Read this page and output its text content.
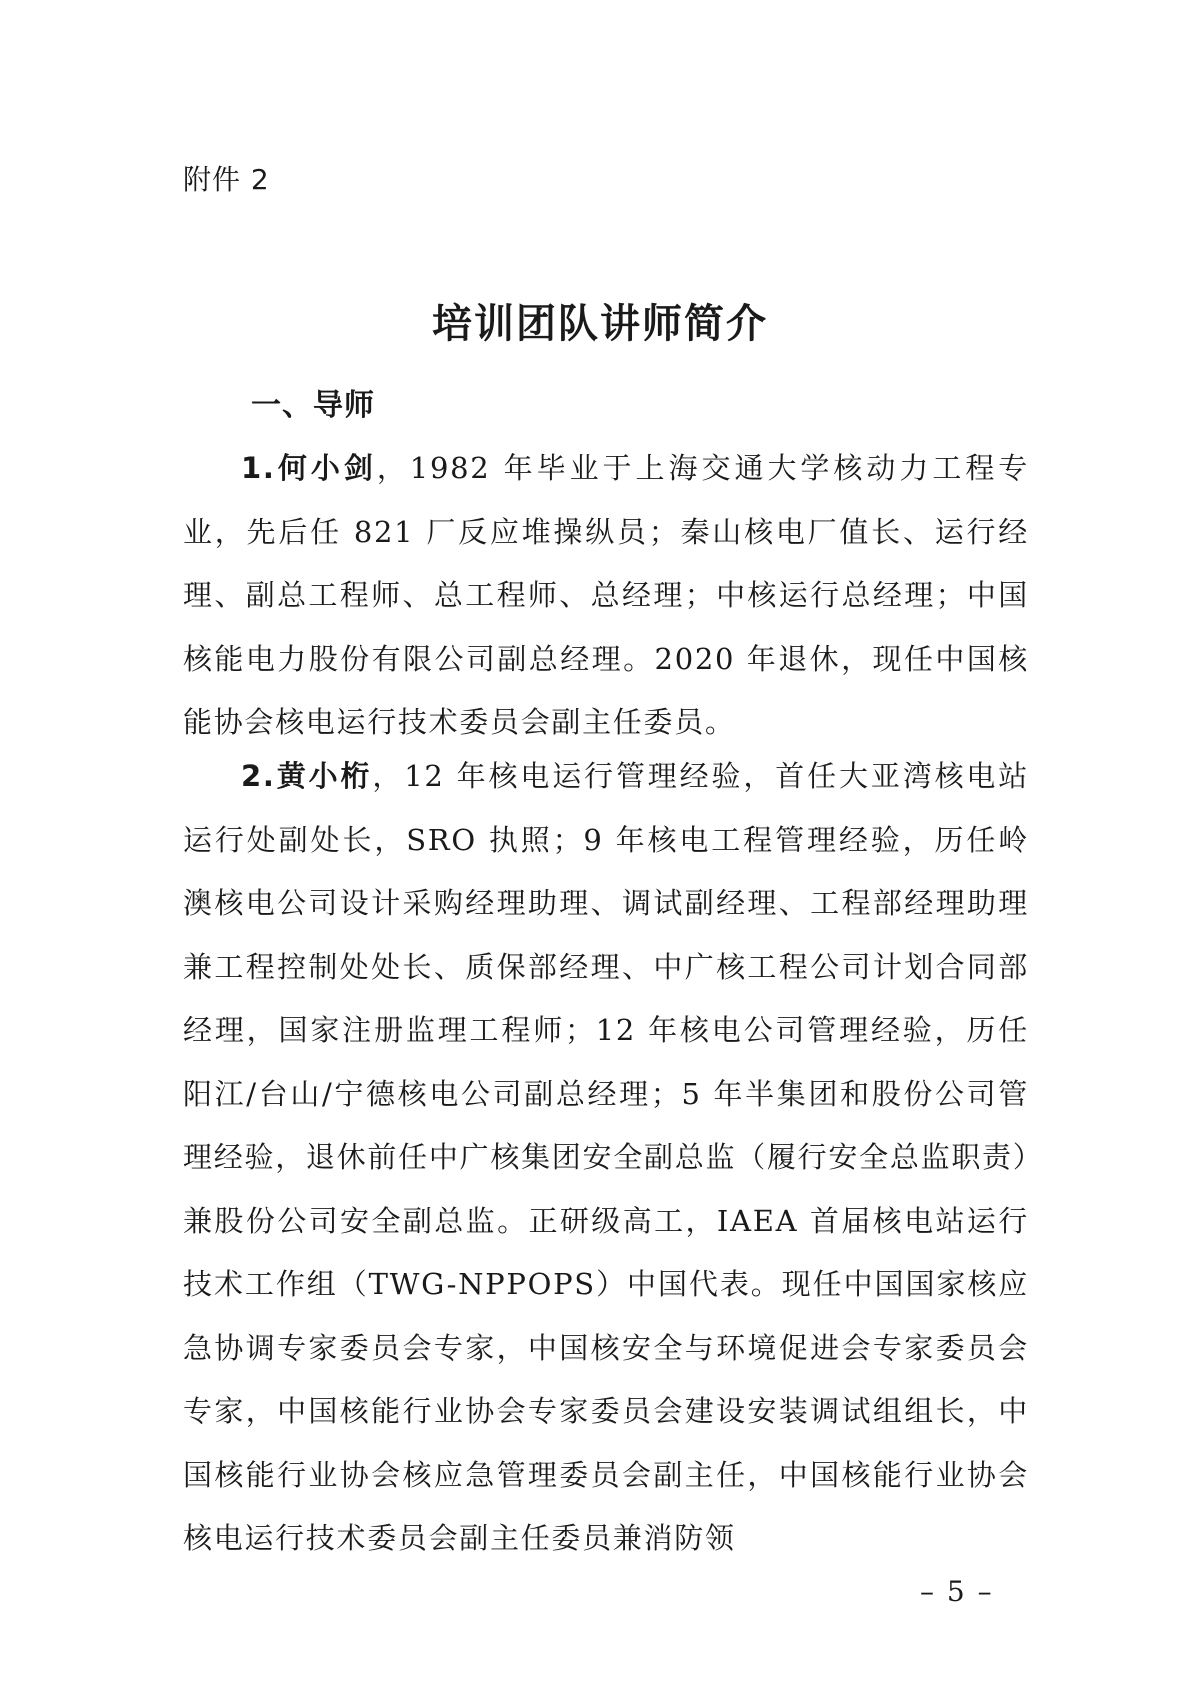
附件 2
培训团队讲师简介
一、导师

1.何小剑，1982 年毕业于上海交通大学核动力工程专业，先后任 821 厂反应堆操纵员；秦山核电厂值长、运行经理、副总工程师、总工程师、总经理；中核运行总经理；中国核能电力股份有限公司副总经理。2020 年退休，现任中国核能协会核电运行技术委员会副主任委员。

2.黄小桁，12 年核电运行管理经验，首任大亚湾核电站运行处副处长，SRO 执照；9 年核电工程管理经验，历任岭澳核电公司设计采购经理助理、调试副经理、工程部经理助理兼工程控制处处长、质保部经理、中广核工程公司计划合同部经理，国家注册监理工程师；12 年核电公司管理经验，历任阳江/台山/宁德核电公司副总经理；5 年半集团和股份公司管理经验，退休前任中广核集团安全副总监（履行安全总监职责）兼股份公司安全副总监。正研级高工，IAEA 首届核电站运行技术工作组（TWG-NPPOPS）中国代表。现任中国国家核应急协调专家委员会专家，中国核安全与环境促进会专家委员会专家，中国核能行业协会专家委员会建设安装调试组组长，中国核能行业协会核应急管理委员会副主任，中国核能行业协会核电运行技术委员会副主任委员兼消防领

– 5 –
